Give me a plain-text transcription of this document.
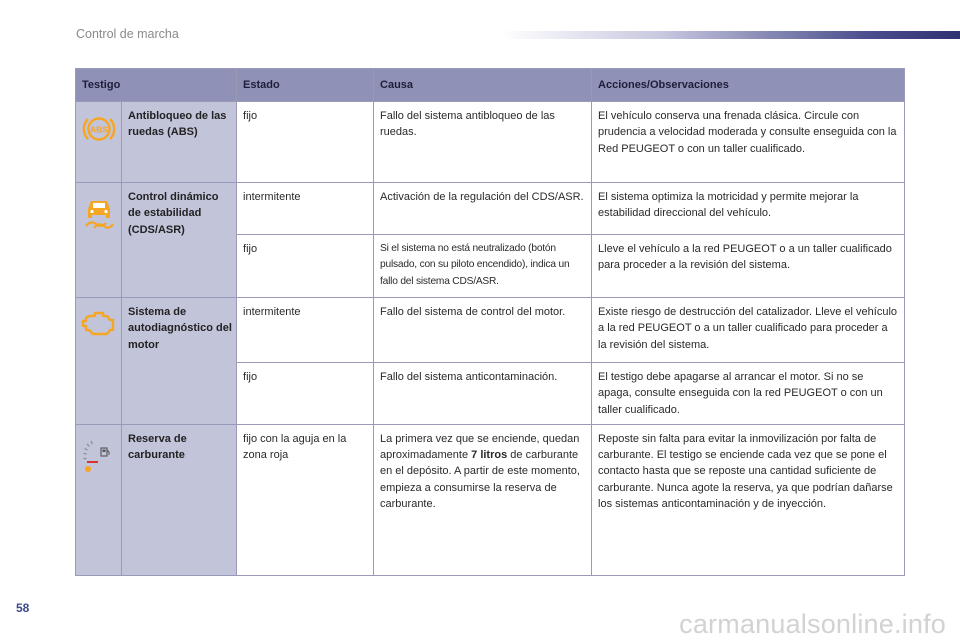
Control de marcha
Testigo		Estado	Causa	Acciones/Observaciones

ABS	Antibloqueo de las ruedas (ABS)	fijo	Fallo del sistema antibloqueo de las ruedas.	El vehículo conserva una frenada clásica. Circule con prudencia a velocidad moderada y consulte enseguida con la Red PEUGEOT o con un taller cualificado.

	Control dinámico de estabilidad (CDS/ASR)	intermitente	Activación de la regulación del CDS/ASR.	El sistema optimiza la motricidad y permite mejorar la estabilidad direccional del vehículo.
		fijo	Si el sistema no está neutralizado (botón pulsado, con su piloto encendido), indica un fallo del sistema CDS/ASR.	Lleve el vehículo a la red PEUGEOT o a un taller cualificado para proceder a la revisión del sistema.

	Sistema de autodiagnóstico del motor	intermitente	Fallo del sistema de control del motor.	Existe riesgo de destrucción del catalizador. Lleve el vehículo a la red PEUGEOT o a un taller cualificado para proceder a la revisión del sistema.
		fijo	Fallo del sistema anticontaminación.	El testigo debe apagarse al arrancar el motor. Si no se apaga, consulte enseguida con la red PEUGEOT o con un taller cualificado.

	Reserva de carburante	fijo con la aguja en la zona roja	La primera vez que se enciende, quedan aproximadamente 7 litros de carburante en el depósito. A partir de este momento, empieza a consumirse la reserva de carburante.	Reposte sin falta para evitar la inmovilización por falta de carburante. El testigo se enciende cada vez que se pone el contacto hasta que se reposte una cantidad suficiente de carburante. Nunca agote la reserva, ya que podrían dañarse los sistemas anticontaminación y de inyección.
58
carmanualsonline.info
